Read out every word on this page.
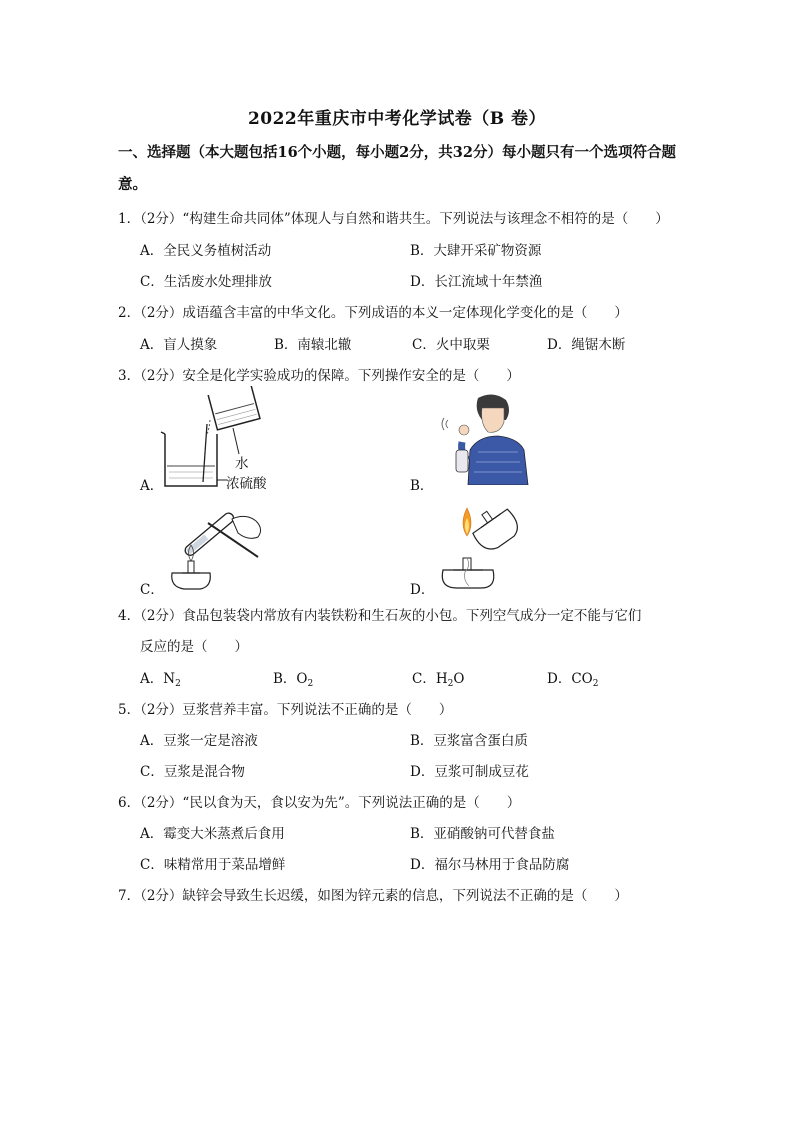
2022年重庆市中考化学试卷（B 卷）
一、选择题（本大题包括16个小题，每小题2分，共32分）每小题只有一个选项符合题
意。
1．（2分）“构建生命共同体”体现人与自然和谐共生。下列说法与该理念不相符的是（　　）
A．全民义务植树活动	B．大肆开采矿物资源
C．生活废水处理排放	D．长江流域十年禁渔
2．（2分）成语蕴含丰富的中华文化。下列成语的本义一定体现化学变化的是（　　）
A．盲人摸象	B．南辕北辙	C．火中取栗	D．绳锯木断
3．（2分）安全是化学实验成功的保障。下列操作安全的是（　　）
水
浓硫酸
A．	B．
C．	D．
4．（2分）食品包装袋内常放有内装铁粉和生石灰的小包。下列空气成分一定不能与它们
反应的是（　　）
A．$N_2$	B．$O_2$	C．$H_2O$	D．$CO_2$
5．（2分）豆浆营养丰富。下列说法不正确的是（　　）
A．豆浆一定是溶液	B．豆浆富含蛋白质
C．豆浆是混合物	D．豆浆可制成豆花
6．（2分）“民以食为天，食以安为先”。下列说法正确的是（　　）
A．霉变大米蒸煮后食用	B．亚硝酸钠可代替食盐
C．味精常用于菜品增鲜	D．福尔马林用于食品防腐
7．（2分）缺锌会导致生长迟缓，如图为锌元素的信息，下列说法不正确的是（　　）
